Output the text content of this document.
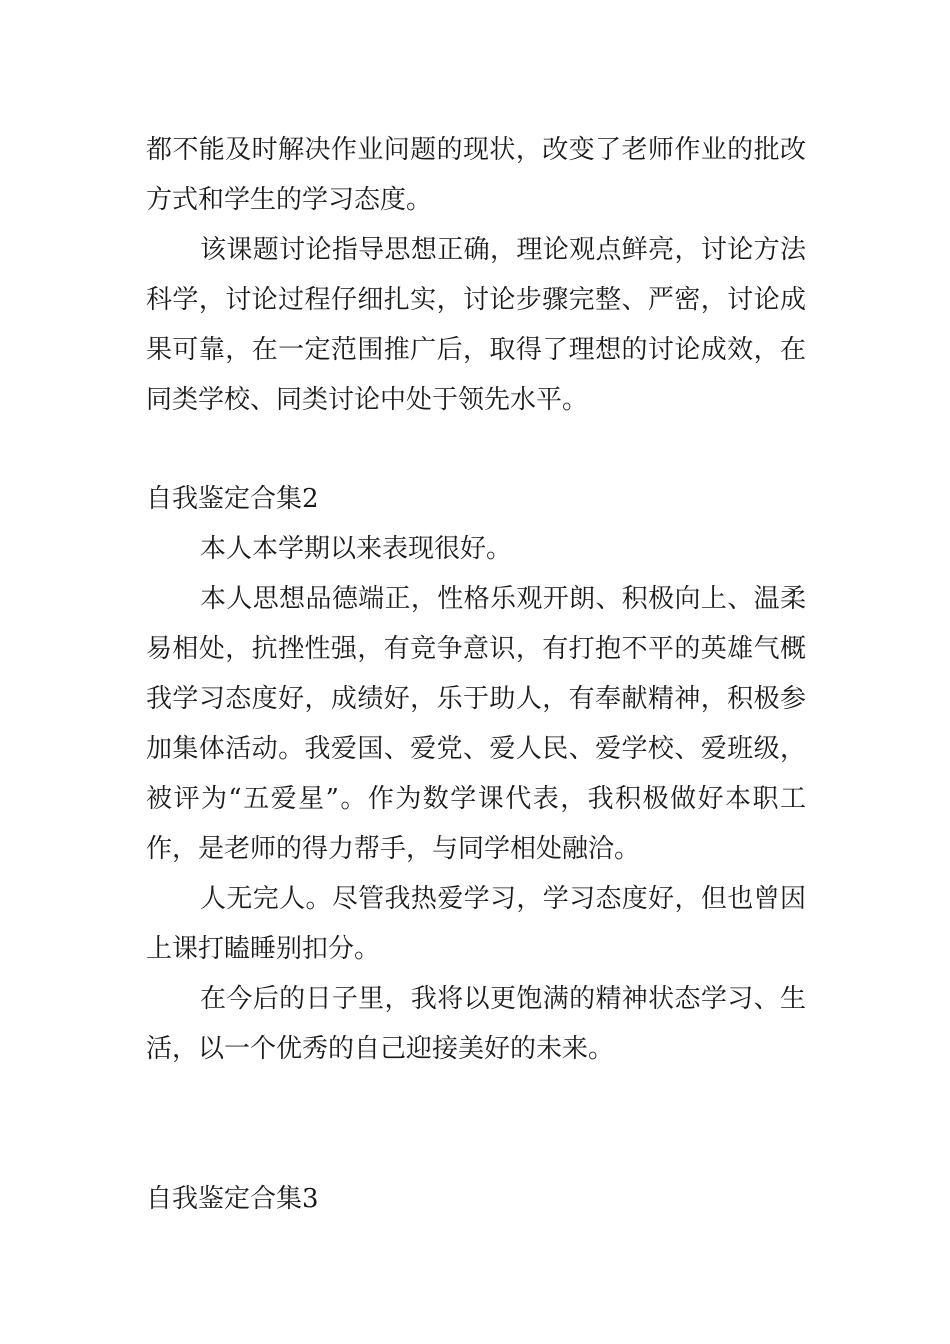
都不能及时解决作业问题的现状，改变了老师作业的批改
方式和学生的学习态度。
该课题讨论指导思想正确，理论观点鲜亮，讨论方法
科学，讨论过程仔细扎实，讨论步骤完整、严密，讨论成
果可靠，在一定范围推广后，取得了理想的讨论成效，在
同类学校、同类讨论中处于领先水平。
自我鉴定合集2
本人本学期以来表现很好。
本人思想品德端正，性格乐观开朗、积极向上、温柔
易相处，抗挫性强，有竞争意识，有打抱不平的英雄气概
我学习态度好，成绩好，乐于助人，有奉献精神，积极参
加集体活动。我爱国、爱党、爱人民、爱学校、爱班级，
被评为“五爱星”。作为数学课代表，我积极做好本职工
作，是老师的得力帮手，与同学相处融洽。
人无完人。尽管我热爱学习，学习态度好，但也曾因
上课打瞌睡别扣分。
在今后的日子里，我将以更饱满的精神状态学习、生
活，以一个优秀的自己迎接美好的未来。
自我鉴定合集3
